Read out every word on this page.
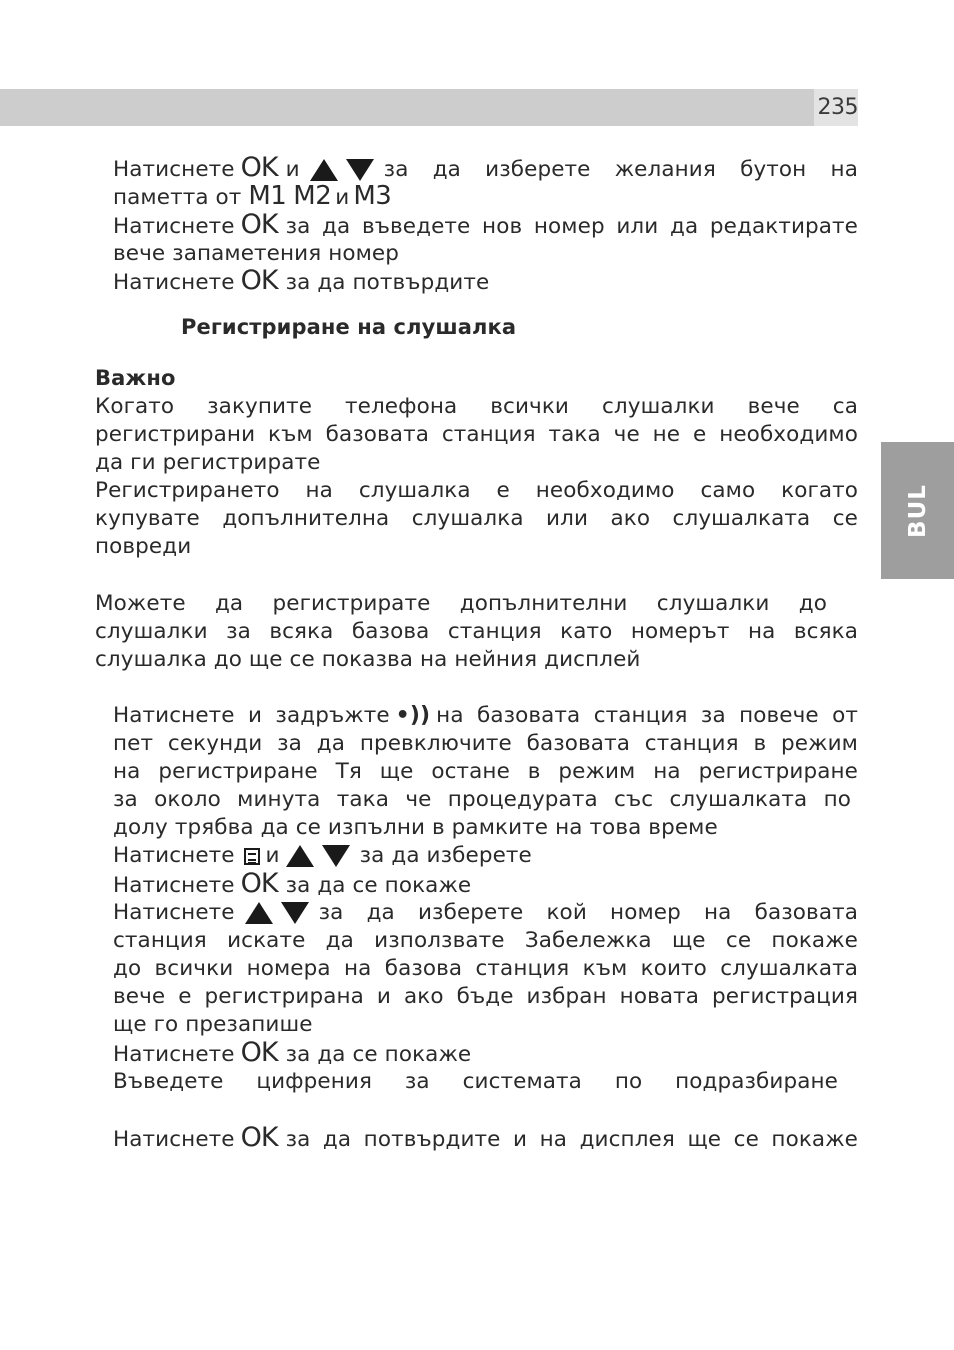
235
BUL
Натиснете OK и	за да изберете желания бутон на
паметта от M1 M2 и M3
Натиснете OK за да въведете нов номер или да редактирате
вече запаметения номер
Натиснете OK за да потвърдите
Регистриране на слушалка
Важно
Когато закупите телефона всички слушалки вече са
регистрирани към базовата станция така че не е необходимо
да ги регистрирате
Регистрирането на слушалка е необходимо само когато
купувате допълнителна слушалка или ако слушалката се
повреди
Можете да регистрирате допълнителни слушалки до
слушалки за всяка базова станция като номерът на всяка
слушалка до ще се показва на нейния дисплей
Натиснете и задръжте •)) на базовата станция за повече от
пет секунди за да превключите базовата станция в режим
на регистриране Тя ще остане в режим на регистриране
за около минута така че процедурата със слушалката по
долу трябва да се изпълни в рамките на това време
Натиснете и	за да изберете
Натиснете OK за да се покаже
Натиснете	за да изберете кой номер на базовата
станция искате да използвате Забележка ще се покаже
до всички номера на базова станция към които слушалката
вече е регистрирана и ако бъде избран новата регистрация
ще го презапише
Натиснете OK за да се покаже
Въведете цифрения за системата по подразбиране
Натиснете OK за да потвърдите и на дисплея ще се покаже
